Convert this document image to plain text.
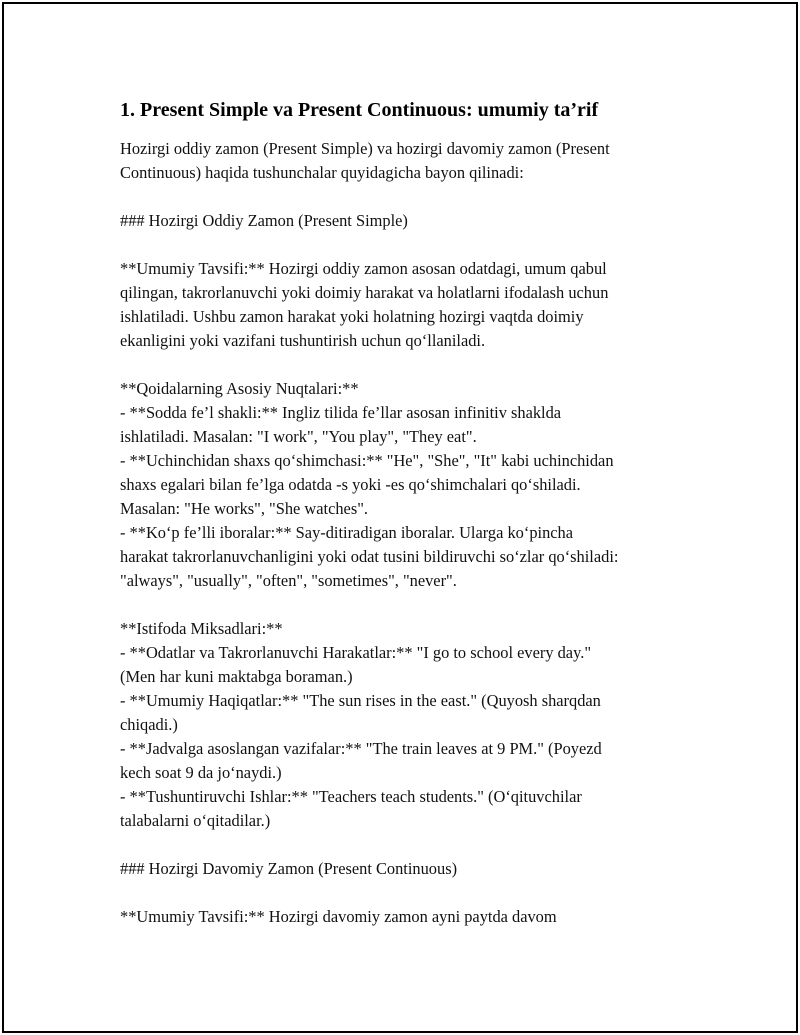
1. Present Simple va Present Continuous: umumiy ta’rif
Hozirgi oddiy zamon (Present Simple) va hozirgi davomiy zamon (Present
Continuous) haqida tushunchalar quyidagicha bayon qilinadi:
### Hozirgi Oddiy Zamon (Present Simple)
**Umumiy Tavsifi:** Hozirgi oddiy zamon asosan odatdagi, umum qabul
qilingan, takrorlanuvchi yoki doimiy harakat va holatlarni ifodalash uchun
ishlatiladi. Ushbu zamon harakat yoki holatning hozirgi vaqtda doimiy
ekanligini yoki vazifani tushuntirish uchun qo‘llaniladi.
**Qoidalarning Asosiy Nuqtalari:**
- **Sodda fe’l shakli:** Ingliz tilida fe’llar asosan infinitiv shaklda
ishlatiladi. Masalan: "I work", "You play", "They eat".
- **Uchinchidan shaxs qo‘shimchasi:** "He", "She", "It" kabi uchinchidan
shaxs egalari bilan fe’lga odatda -s yoki -es qo‘shimchalari qo‘shiladi.
Masalan: "He works", "She watches".
- **Ko‘p fe’lli iboralar:** Say-ditiradigan iboralar. Ularga ko‘pincha
harakat takrorlanuvchanligini yoki odat tusini bildiruvchi so‘zlar qo‘shiladi:
"always", "usually", "often", "sometimes", "never".
**Istifoda Miksadlari:**
- **Odatlar va Takrorlanuvchi Harakatlar:** "I go to school every day."
(Men har kuni maktabga boraman.)
- **Umumiy Haqiqatlar:** "The sun rises in the east." (Quyosh sharqdan
chiqadi.)
- **Jadvalga asoslangan vazifalar:** "The train leaves at 9 PM." (Poyezd
kech soat 9 da jo‘naydi.)
- **Tushuntiruvchi Ishlar:** "Teachers teach students." (O‘qituvchilar
talabalarni o‘qitadilar.)
### Hozirgi Davomiy Zamon (Present Continuous)
**Umumiy Tavsifi:** Hozirgi davomiy zamon ayni paytda davom
